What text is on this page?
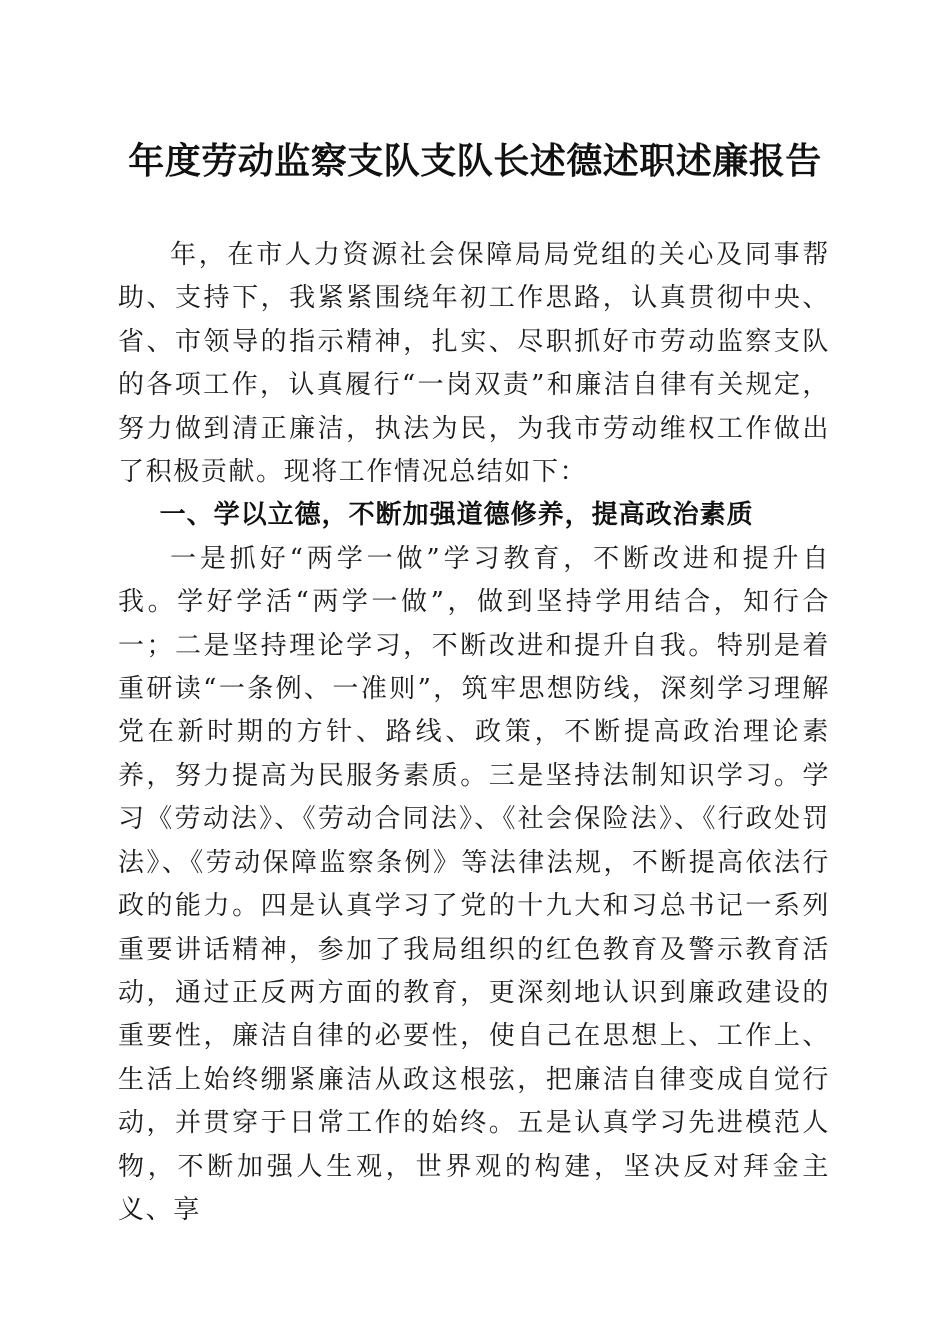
年度劳动监察支队支队长述德述职述廉报告

年，在市人力资源社会保障局局党组的关心及同事帮助、支持下，我紧紧围绕年初工作思路，认真贯彻中央、省、市领导的指示精神，扎实、尽职抓好市劳动监察支队的各项工作，认真履行“一岗双责”和廉洁自律有关规定，努力做到清正廉洁，执法为民，为我市劳动维权工作做出了积极贡献。现将工作情况总结如下：

一、学以立德，不断加强道德修养，提高政治素质

一是抓好“两学一做”学习教育，不断改进和提升自我。学好学活“两学一做”，做到坚持学用结合，知行合一；二是坚持理论学习，不断改进和提升自我。特别是着重研读“一条例、一准则”，筑牢思想防线，深刻学习理解党在新时期的方针、路线、政策，不断提高政治理论素养，努力提高为民服务素质。三是坚持法制知识学习。学习《劳动法》、《劳动合同法》、《社会保险法》、《行政处罚法》、《劳动保障监察条例》等法律法规，不断提高依法行政的能力。四是认真学习了党的十九大和习总书记一系列重要讲话精神，参加了我局组织的红色教育及警示教育活动，通过正反两方面的教育，更深刻地认识到廉政建设的重要性，廉洁自律的必要性，使自己在思想上、工作上、生活上始终绷紧廉洁从政这根弦，把廉洁自律变成自觉行动，并贯穿于日常工作的始终。五是认真学习先进模范人物，不断加强人生观，世界观的构建，坚决反对拜金主义、享
